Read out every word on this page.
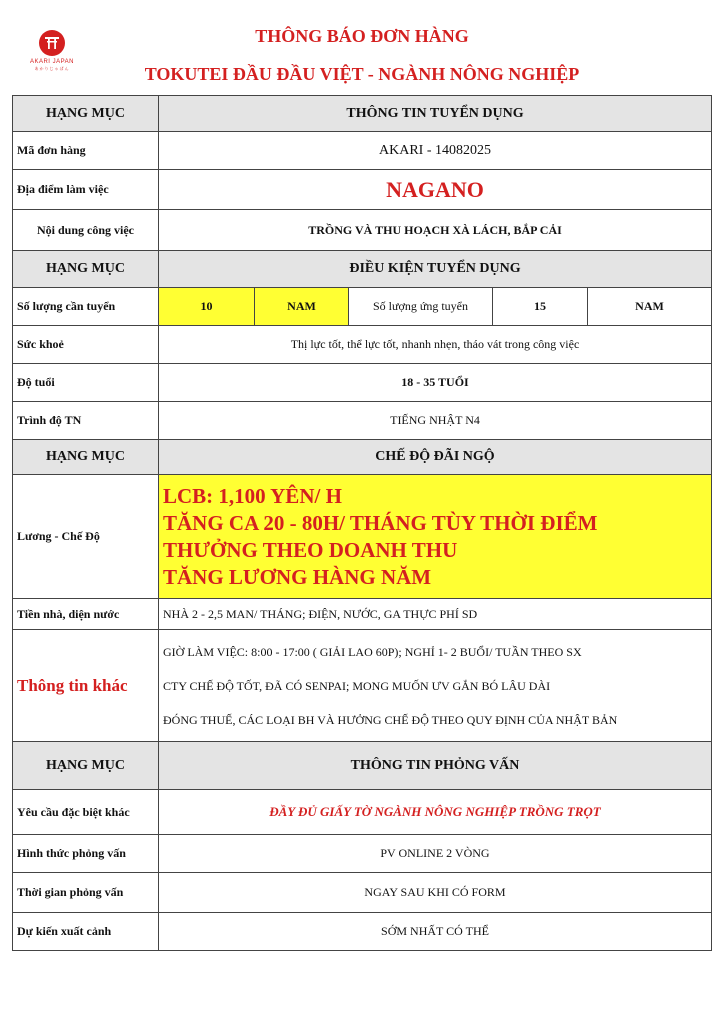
AKARI JAPAN
あかりじゃぱん
THÔNG BÁO ĐƠN HÀNG
TOKUTEI ĐẦU ĐẦU VIỆT - NGÀNH NÔNG NGHIỆP
HẠNG MỤC	THÔNG TIN TUYỂN DỤNG				
Mã đơn hàng	AKARI - 14082025				
Địa điểm làm việc	NAGANO				
Nội dung công việc	TRỒNG VÀ THU HOẠCH XÀ LÁCH, BẮP CẢI				
HẠNG MỤC	ĐIỀU KIỆN TUYỂN DỤNG				
Số lượng cần tuyển	10	NAM	Số lượng ứng tuyển	15	NAM
Sức khoẻ	Thị lực tốt, thể lực tốt, nhanh nhẹn, tháo vát trong công việc				
Độ tuổi	18 - 35 TUỔI				
Trình độ TN	TIẾNG NHẬT N4				
HẠNG MỤC	CHẾ ĐỘ ĐÃI NGỘ				
Lương - Chế Độ	LCB: 1,100 YÊN/ H
TĂNG CA 20 - 80H/ THÁNG TÙY THỜI ĐIỂM
THƯỞNG THEO DOANH THU
TĂNG LƯƠNG HÀNG NĂM				

Tiền nhà, diện nước	NHÀ 2 - 2,5 MAN/ THÁNG; ĐIỆN, NƯỚC, GA THỰC PHÍ SD				
Thông tin khác	GIỜ LÀM VIỆC: 8:00 - 17:00 ( GIẢI LAO 60P); NGHỈ 1- 2 BUỔI/ TUẦN THEO SX
CTY CHẾ ĐỘ TỐT, ĐÃ CÓ SENPAI; MONG MUỐN ƯV GẮN BÓ LÂU DÀI
ĐÓNG THUẾ, CÁC LOẠI BH VÀ HƯỞNG CHẾ ĐỘ THEO QUY ĐỊNH CỦA NHẬT BẢN				

HẠNG MỤC	THÔNG TIN PHỎNG VẤN				
Yêu cầu đặc biệt khác	ĐẦY ĐỦ GIẤY TỜ NGÀNH NÔNG NGHIỆP TRỒNG TRỌT				
Hình thức phỏng vấn	PV ONLINE 2 VÒNG				
Thời gian phỏng vấn	NGAY SAU KHI CÓ FORM				
Dự kiến xuất cảnh	SỚM NHẤT CÓ THỂ				
